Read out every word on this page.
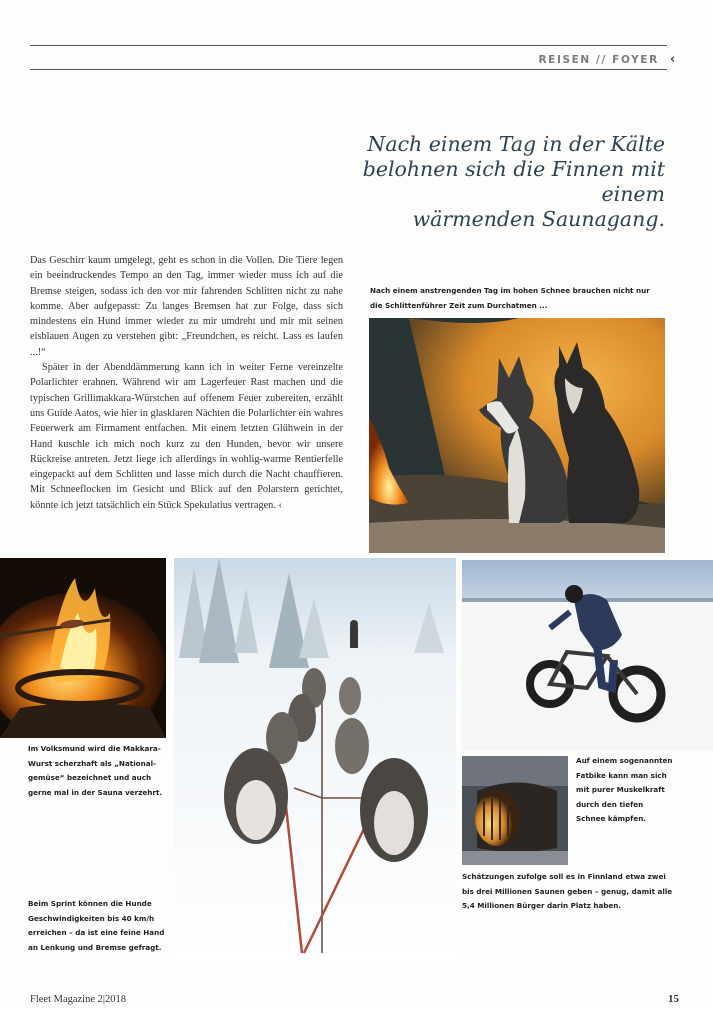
REISEN // FOYER ‹
Nach einem Tag in der Kälte
belohnen sich die Finnen mit einem
wärmenden Saunagang.

Das Geschirr kaum umgelegt, geht es schon in die Vollen. Die Tiere legen ein beeindruckendes Tempo an den Tag, immer wieder muss ich auf die Bremse steigen, sodass ich den vor mir fahrenden Schlitten nicht zu nahe komme. Aber aufgepasst: Zu langes Bremsen hat zur Folge, dass sich mindestens ein Hund immer wieder zu mir umdreht und mir mit seinen eisblauen Augen zu verstehen gibt: „Freundchen, es reicht. Lass es laufen ...!“

Später in der Abenddämmerung kann ich in weiter Ferne vereinzelte Polarlichter erahnen. Während wir am Lagerfeuer Rast machen und die typischen Grillimakkara-Würstchen auf offenem Feuer zubereiten, erzählt uns Guide Aatos, wie hier in glasklaren Nächten die Polarlichter ein wahres Feuerwerk am Firmament entfachen. Mit einem letzten Glühwein in der Hand kuschle ich mich noch kurz zu den Hunden, bevor wir unsere Rückreise antreten. Jetzt liege ich allerdings in wohlig-warme Rentierfelle eingepackt auf dem Schlitten und lasse mich durch die Nacht chauffieren. Mit Schneeflocken im Gesicht und Blick auf den Polarstern gerichtet, könnte ich jetzt tatsächlich ein Stück Spekulatius vertragen. ‹

Nach einem anstrengenden Tag im hohen Schnee brauchen nicht nur die Schlittenführer Zeit zum Durchatmen ...
Im Volksmund wird die Makkara-Wurst scherzhaft als „National-gemüse“ bezeichnet und auch gerne mal in der Sauna verzehrt.
Beim Sprint können die Hunde Geschwindigkeiten bis 40 km/h erreichen – da ist eine feine Hand an Lenkung und Bremse gefragt.
Auf einem sogenannten Fatbike kann man sich mit purer Muskelkraft durch den tiefen Schnee kämpfen.
Schätzungen zufolge soll es in Finnland etwa zwei bis drei Millionen Saunen geben – genug, damit alle 5,4 Millionen Bürger darin Platz haben.
Fleet Magazine 2|2018	15
